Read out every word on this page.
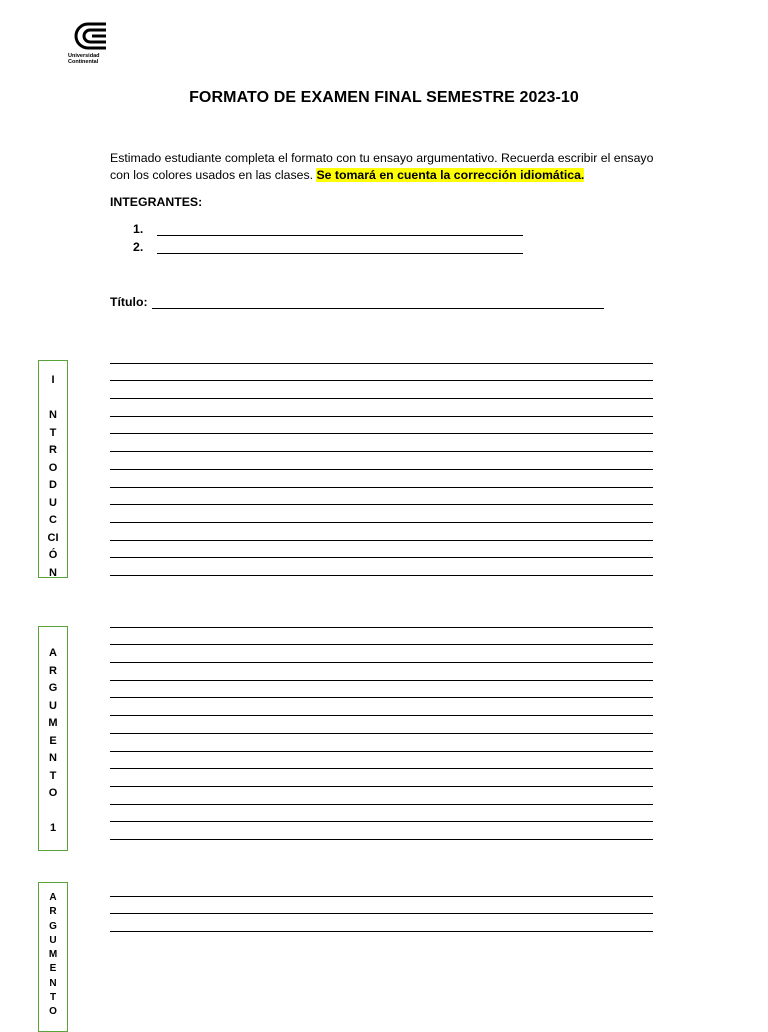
Universidad
Continental
FORMATO DE EXAMEN FINAL SEMESTRE 2023-10
Estimado estudiante completa el formato con tu ensayo argumentativo. Recuerda escribir el ensayo con los colores usados en las clases. Se tomará en cuenta la corrección idiomática.
INTEGRANTES:
1.
2.
Título:
I

N
T
R
O
D
U
C
CI
Ó
N
A
R
G
U
M
E
N
T
O

1
A
R
G
U
M
E
N
T
O
